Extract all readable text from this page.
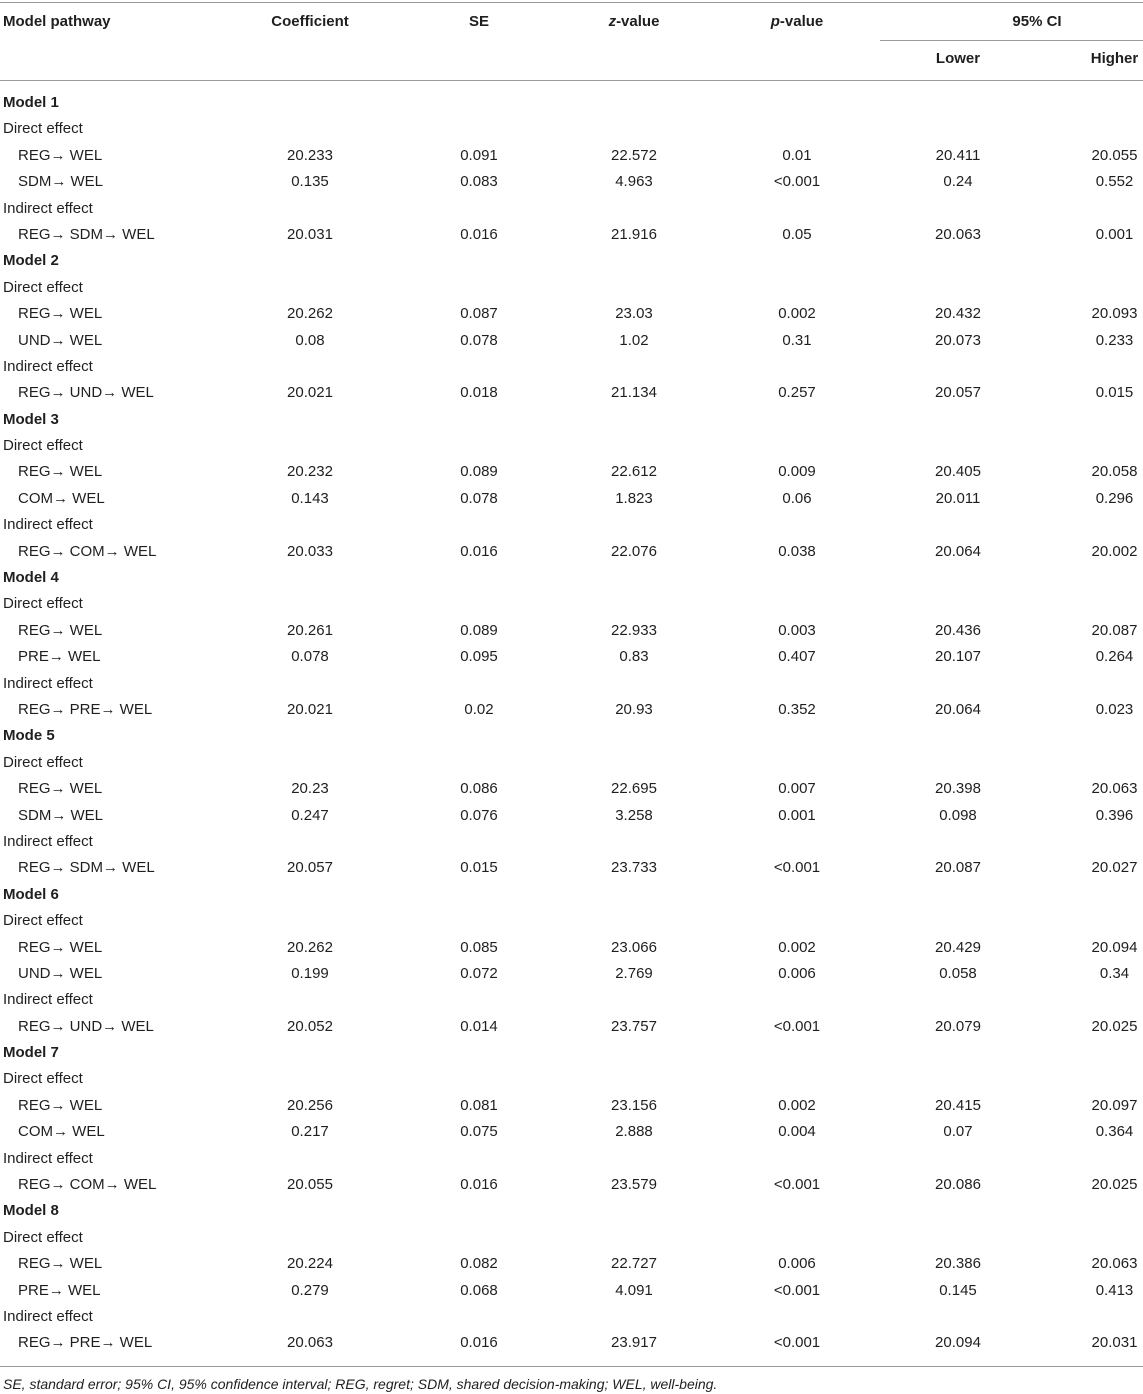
Model pathway	Coefficient	SE	z-value	p-value	95% CI
Lower	Higher
Model 1
Direct effect
REG→ WEL	20.233	0.091	22.572	0.01	20.411	20.055
SDM→ WEL	0.135	0.083	4.963	<0.001	0.24	0.552
Indirect effect
REG→ SDM→ WEL	20.031	0.016	21.916	0.05	20.063	0.001
Model 2
Direct effect
REG→ WEL	20.262	0.087	23.03	0.002	20.432	20.093
UND→ WEL	0.08	0.078	1.02	0.31	20.073	0.233
Indirect effect
REG→ UND→ WEL	20.021	0.018	21.134	0.257	20.057	0.015
Model 3
Direct effect
REG→ WEL	20.232	0.089	22.612	0.009	20.405	20.058
COM→ WEL	0.143	0.078	1.823	0.06	20.011	0.296
Indirect effect
REG→ COM→ WEL	20.033	0.016	22.076	0.038	20.064	20.002
Model 4
Direct effect
REG→ WEL	20.261	0.089	22.933	0.003	20.436	20.087
PRE→ WEL	0.078	0.095	0.83	0.407	20.107	0.264
Indirect effect
REG→ PRE→ WEL	20.021	0.02	20.93	0.352	20.064	0.023
Mode 5
Direct effect
REG→ WEL	20.23	0.086	22.695	0.007	20.398	20.063
SDM→ WEL	0.247	0.076	3.258	0.001	0.098	0.396
Indirect effect
REG→ SDM→ WEL	20.057	0.015	23.733	<0.001	20.087	20.027
Model 6
Direct effect
REG→ WEL	20.262	0.085	23.066	0.002	20.429	20.094
UND→ WEL	0.199	0.072	2.769	0.006	0.058	0.34
Indirect effect
REG→ UND→ WEL	20.052	0.014	23.757	<0.001	20.079	20.025
Model 7
Direct effect
REG→ WEL	20.256	0.081	23.156	0.002	20.415	20.097
COM→ WEL	0.217	0.075	2.888	0.004	0.07	0.364
Indirect effect
REG→ COM→ WEL	20.055	0.016	23.579	<0.001	20.086	20.025
Model 8
Direct effect
REG→ WEL	20.224	0.082	22.727	0.006	20.386	20.063
PRE→ WEL	0.279	0.068	4.091	<0.001	0.145	0.413
Indirect effect
REG→ PRE→ WEL	20.063	0.016	23.917	<0.001	20.094	20.031
SE, standard error; 95% CI, 95% confidence interval; REG, regret; SDM, shared decision-making; WEL, well-being.
